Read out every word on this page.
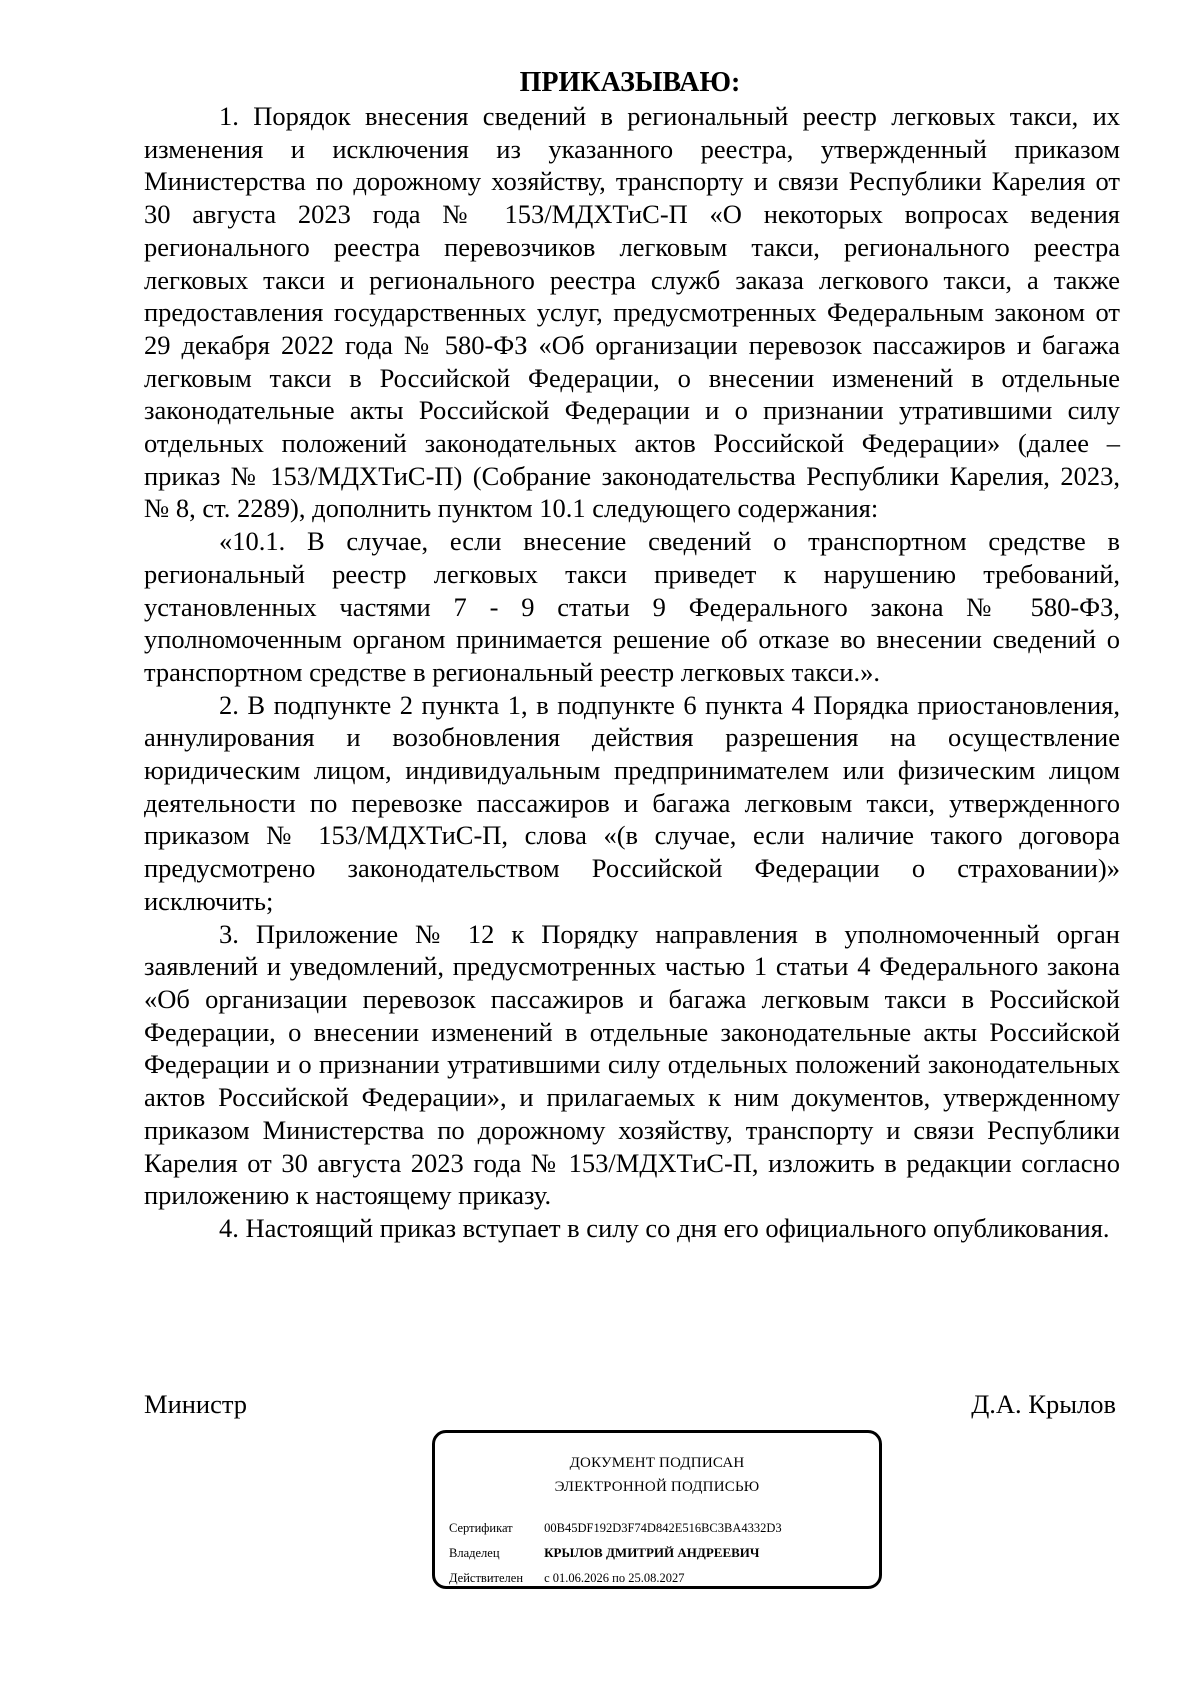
ПРИКАЗЫВАЮ:

1. Порядок внесения сведений в региональный реестр легковых такси, их изменения и исключения из указанного реестра, утвержденный приказом Министерства по дорожному хозяйству, транспорту и связи Республики Карелия от 30 августа 2023 года № 153/МДХТиС-П «О некоторых вопросах ведения регионального реестра перевозчиков легковым такси, регионального реестра легковых такси и регионального реестра служб заказа легкового такси, а также предоставления государственных услуг, предусмотренных Федеральным законом от 29 декабря 2022 года № 580-ФЗ «Об организации перевозок пассажиров и багажа легковым такси в Российской Федерации, о внесении изменений в отдельные законодательные акты Российской Федерации и о признании утратившими силу отдельных положений законодательных актов Российской Федерации» (далее – приказ № 153/МДХТиС-П) (Собрание законодательства Республики Карелия, 2023, № 8, ст. 2289), дополнить пунктом 10.1 следующего содержания:

«10.1. В случае, если внесение сведений о транспортном средстве в региональный реестр легковых такси приведет к нарушению требований, установленных частями 7 - 9 статьи 9 Федерального закона № 580-ФЗ, уполномоченным органом принимается решение об отказе во внесении сведений о транспортном средстве в региональный реестр легковых такси.».

2. В подпункте 2 пункта 1, в подпункте 6 пункта 4 Порядка приостановления, аннулирования и возобновления действия разрешения на осуществление юридическим лицом, индивидуальным предпринимателем или физическим лицом деятельности по перевозке пассажиров и багажа легковым такси, утвержденного приказом № 153/МДХТиС-П, слова «(в случае, если наличие такого договора предусмотрено законодательством Российской Федерации о страховании)» исключить;

3. Приложение № 12 к Порядку направления в уполномоченный орган заявлений и уведомлений, предусмотренных частью 1 статьи 4 Федерального закона «Об организации перевозок пассажиров и багажа легковым такси в Российской Федерации, о внесении изменений в отдельные законодательные акты Российской Федерации и о признании утратившими силу отдельных положений законодательных актов Российской Федерации», и прилагаемых к ним документов, утвержденному приказом Министерства по дорожному хозяйству, транспорту и связи Республики Карелия от 30 августа 2023 года № 153/МДХТиС-П, изложить в редакции согласно приложению к настоящему приказу.

4. Настоящий приказ вступает в силу со дня его официального опубликования.

Министр	Д.А. Крылов
ДОКУМЕНТ ПОДПИСАН
ЭЛЕКТРОННОЙ ПОДПИСЬЮ
Сертификат	00B45DF192D3F74D842E516BC3BA4332D3
Владелец	КРЫЛОВ ДМИТРИЙ АНДРЕЕВИЧ
Действителен с 01.06.2026 по 25.08.2027
